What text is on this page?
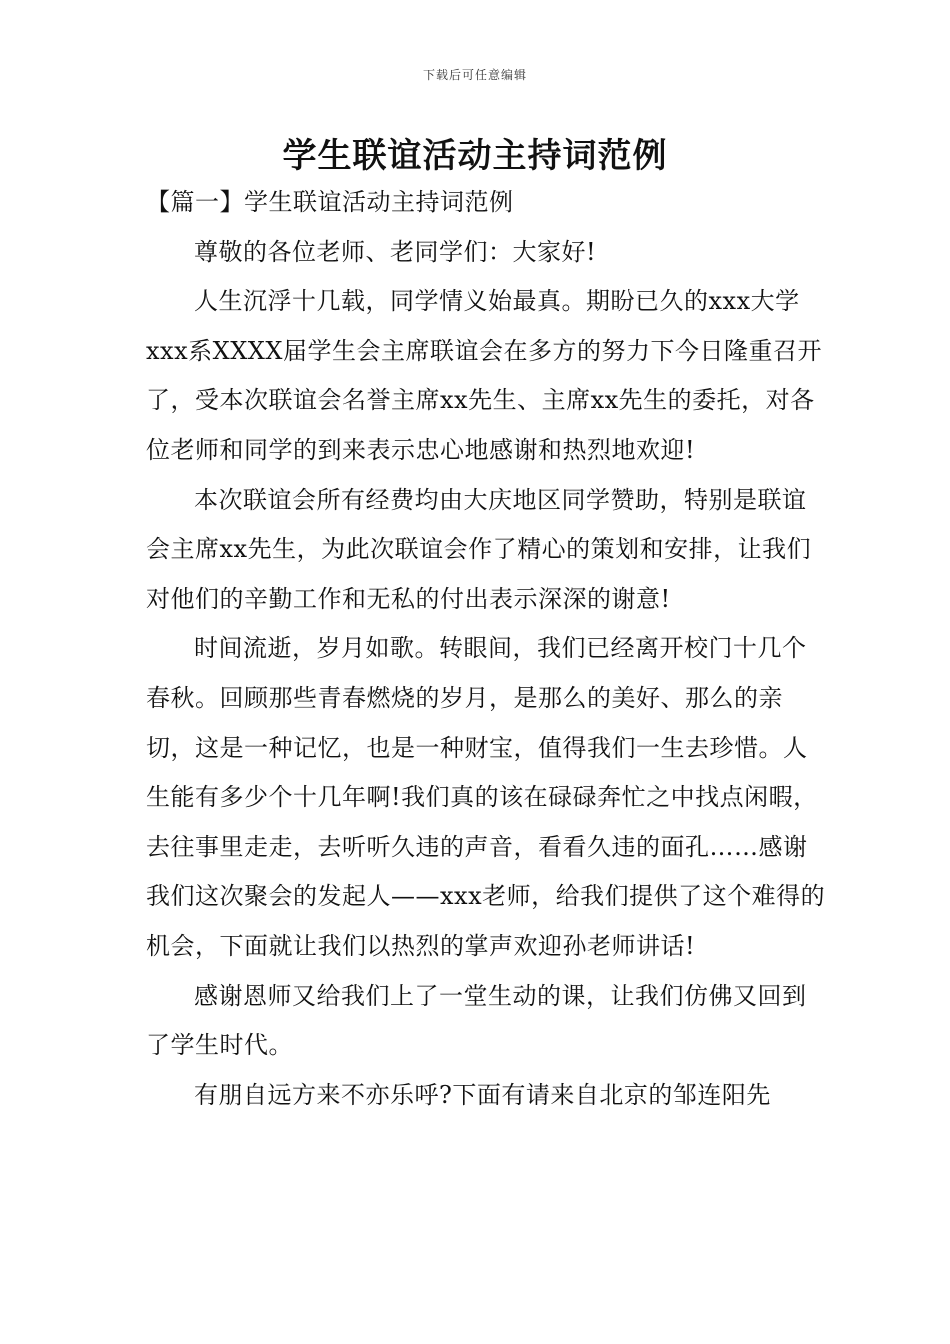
下载后可任意编辑
学生联谊活动主持词范例

【篇一】学生联谊活动主持词范例

尊敬的各位老师、老同学们：大家好!

人生沉浮十几载，同学情义始最真。期盼已久的xxx大学xxx系XXXX届学生会主席联谊会在多方的努力下今日隆重召开了，受本次联谊会名誉主席xx先生、主席xx先生的委托，对各位老师和同学的到来表示忠心地感谢和热烈地欢迎!

本次联谊会所有经费均由大庆地区同学赞助，特别是联谊会主席xx先生，为此次联谊会作了精心的策划和安排，让我们对他们的辛勤工作和无私的付出表示深深的谢意!

时间流逝，岁月如歌。转眼间，我们已经离开校门十几个春秋。回顾那些青春燃烧的岁月，是那么的美好、那么的亲切，这是一种记忆，也是一种财宝，值得我们一生去珍惜。人生能有多少个十几年啊!我们真的该在碌碌奔忙之中找点闲暇，去往事里走走，去听听久违的声音，看看久违的面孔……感谢我们这次聚会的发起人——xxx老师，给我们提供了这个难得的机会，下面就让我们以热烈的掌声欢迎孙老师讲话!

感谢恩师又给我们上了一堂生动的课，让我们仿佛又回到了学生时代。

有朋自远方来不亦乐呼?下面有请来自北京的邹连阳先
